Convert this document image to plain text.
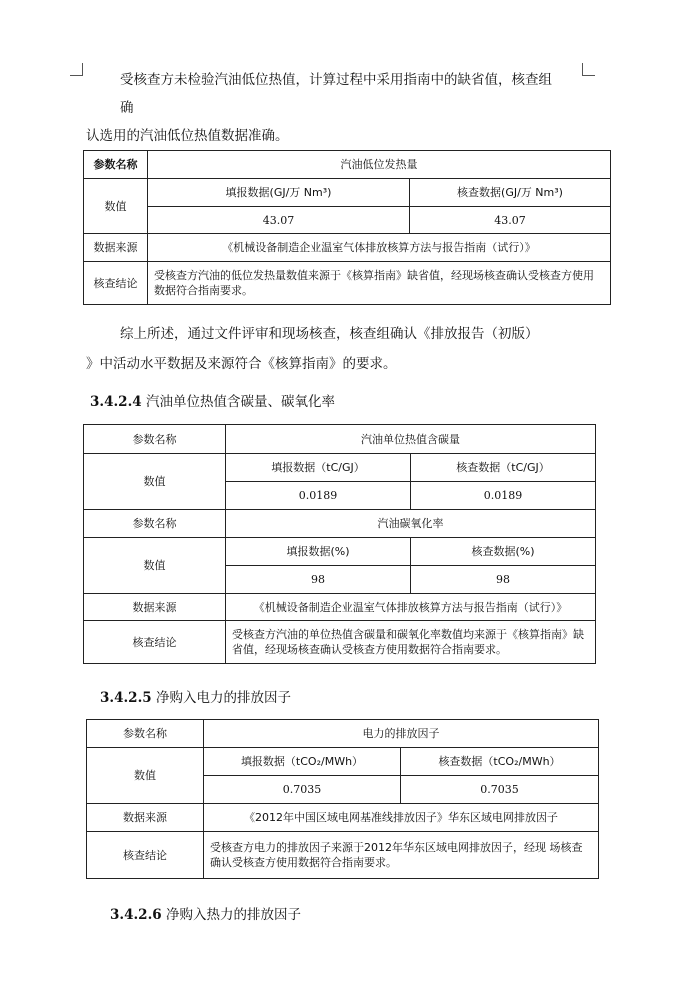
受核查方未检验汽油低位热值，计算过程中采用指南中的缺省值，核查组
确
认选用的汽油低位热值数据准确。
参数名称	汽油低位发热量	
数值	填报数据(GJ/万 Nm³)	核查数据(GJ/万 Nm³)
	43.07	43.07
数据来源	《机械设备制造企业温室气体排放核算方法与报告指南（试行）》	
核查结论	受核查方汽油的低位发热量数值来源于《核算指南》缺省值，经现场核查确认受核查方使用数据符合指南要求。	
综上所述，通过文件评审和现场核查，核查组确认《排放报告（初版）
》中活动水平数据及来源符合《核算指南》的要求。
3.4.2.4 汽油单位热值含碳量、碳氧化率
参数名称	汽油单位热值含碳量	
数值	填报数据（tC/GJ）	核查数据（tC/GJ）
	0.0189	0.0189
参数名称	汽油碳氧化率	
数值	填报数据(%)	核查数据(%)
	98	98
数据来源	《机械设备制造企业温室气体排放核算方法与报告指南（试行）》	
核查结论	受核查方汽油的单位热值含碳量和碳氧化率数值均来源于《核算指南》缺省值，经现场核查确认受核查方使用数据符合指南要求。	
3.4.2.5 净购入电力的排放因子
参数名称	电力的排放因子	
数值	填报数据（tCO₂/MWh）	核查数据（tCO₂/MWh）
	0.7035	0.7035
数据来源	《2012年中国区域电网基准线排放因子》华东区域电网排放因子	
核查结论	受核查方电力的排放因子来源于2012年华东区域电网排放因子，经现 场核查确认受核查方使用数据符合指南要求。	
3.4.2.6 净购入热力的排放因子
